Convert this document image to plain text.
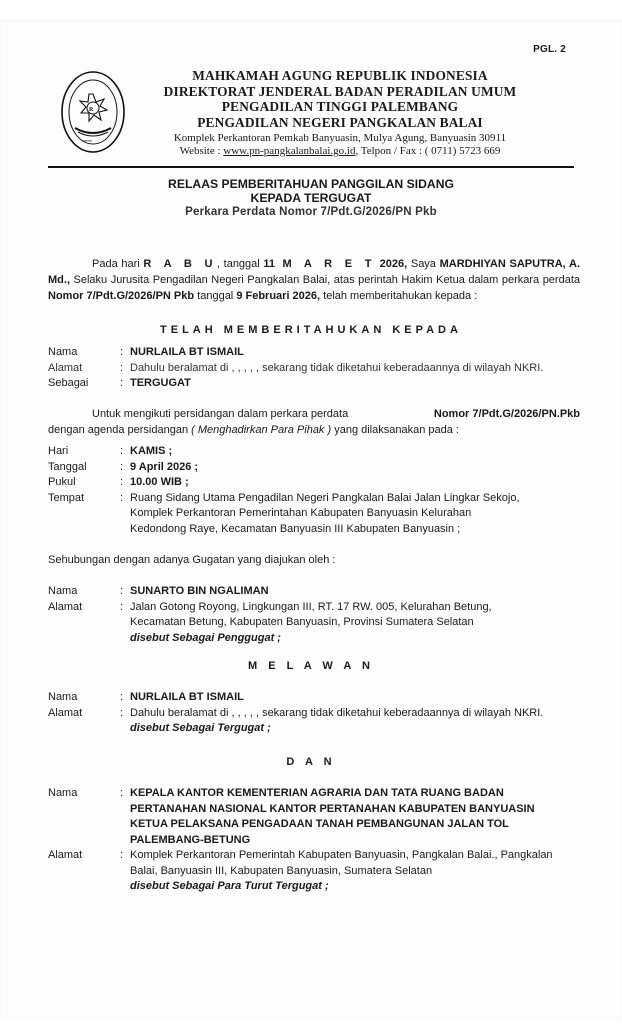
PGL. 2
R
▪▪▪▪▪▪▪
MAHKAMAH AGUNG REPUBLIK INDONESIA
DIREKTORAT JENDERAL BADAN PERADILAN UMUM
PENGADILAN TINGGI PALEMBANG
PENGADILAN NEGERI PANGKALAN BALAI
Komplek Perkantoran Pemkab Banyuasin, Mulya Agung, Banyuasin 30911
Website : www.pn-pangkalanbalai.go.id, Telpon / Fax : ( 0711) 5723 669
RELAAS PEMBERITAHUAN PANGGILAN SIDANG
KEPADA TERGUGAT
Perkara Perdata Nomor 7/Pdt.G/2026/PN Pkb
Pada hari R A B U, tanggal 11 M A R E T 2026, Saya MARDHIYAN SAPUTRA, A. Md., Selaku Jurusita Pengadilan Negeri Pangkalan Balai, atas perintah Hakim Ketua dalam perkara perdata Nomor 7/Pdt.G/2026/PN Pkb tanggal 9 Februari 2026, telah memberitahukan kepada :
TELAH MEMBERITAHUKAN KEPADA
Nama	: NURLAILA BT ISMAIL
Alamat	: Dahulu beralamat di , , , , , sekarang tidak diketahui keberadaannya di wilayah NKRI.
Sebagai	: TERGUGAT
Untuk mengikuti persidangan dalam perkara perdata	Nomor 7/Pdt.G/2026/PN.Pkb
dengan agenda persidangan ( Menghadirkan Para Pihak ) yang dilaksanakan pada :
Hari	: KAMIS ;
Tanggal	: 9 April 2026 ;
Pukul	: 10.00 WIB ;
Tempat	: Ruang Sidang Utama Pengadilan Negeri Pangkalan Balai Jalan Lingkar Sekojo, Komplek Perkantoran Pemerintahan Kabupaten Banyuasin Kelurahan Kedondong Raye, Kecamatan Banyuasin III Kabupaten Banyuasin ;
Sehubungan dengan adanya Gugatan yang diajukan oleh :
Nama	: SUNARTO BIN NGALIMAN
Alamat	: Jalan Gotong Royong, Lingkungan III, RT. 17 RW. 005, Kelurahan Betung, Kecamatan Betung, Kabupaten Banyuasin, Provinsi Sumatera Selatan
disebut Sebagai Penggugat ;
M E L A W A N
Nama	: NURLAILA BT ISMAIL
Alamat	: Dahulu beralamat di , , , , , sekarang tidak diketahui keberadaannya di wilayah NKRI.
disebut Sebagai Tergugat ;
D A N
Nama	: KEPALA KANTOR KEMENTERIAN AGRARIA DAN TATA RUANG BADAN PERTANAHAN NASIONAL KANTOR PERTANAHAN KABUPATEN BANYUASIN KETUA PELAKSANA PENGADAAN TANAH PEMBANGUNAN JALAN TOL PALEMBANG-BETUNG
Alamat	: Komplek Perkantoran Pemerintah Kabupaten Banyuasin, Pangkalan Balai., Pangkalan Balai, Banyuasin III, Kabupaten Banyuasin, Sumatera Selatan
disebut Sebagai Para Turut Tergugat ;
